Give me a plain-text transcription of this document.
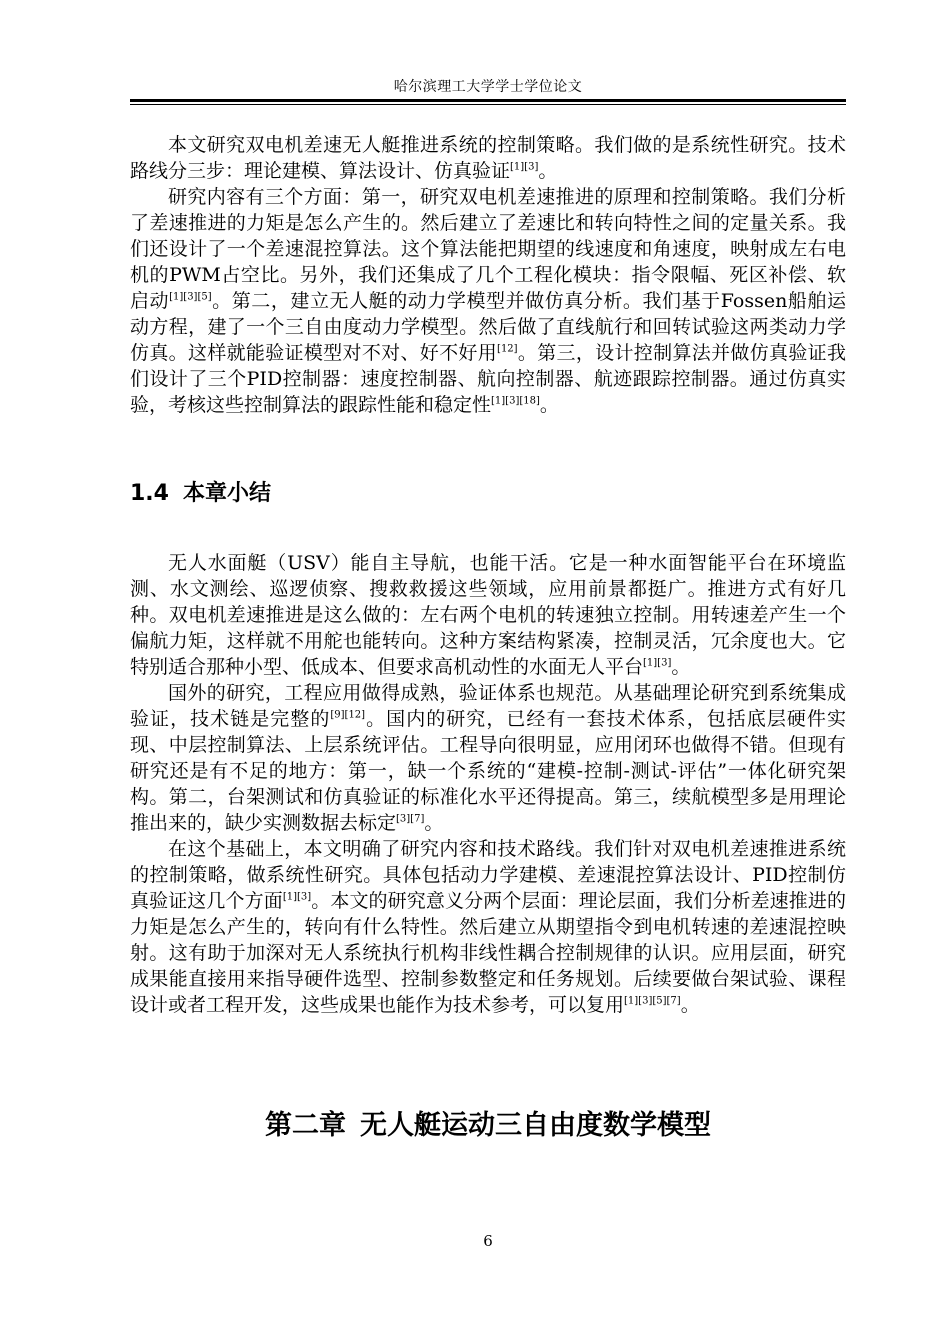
哈尔滨理工大学学士学位论文

本文研究双电机差速无人艇推进系统的控制策略。我们做的是系统性研究。技术路线分三步：理论建模、算法设计、仿真验证[1][3]。

研究内容有三个方面：第一，研究双电机差速推进的原理和控制策略。我们分析了差速推进的力矩是怎么产生的。然后建立了差速比和转向特性之间的定量关系。我们还设计了一个差速混控算法。这个算法能把期望的线速度和角速度，映射成左右电机的PWM占空比。另外，我们还集成了几个工程化模块：指令限幅、死区补偿、软启动[1][3][5]。第二，建立无人艇的动力学模型并做仿真分析。我们基于Fossen船舶运动方程，建了一个三自由度动力学模型。然后做了直线航行和回转试验这两类动力学仿真。这样就能验证模型对不对、好不好用[12]。第三，设计控制算法并做仿真验证我们设计了三个PID控制器：速度控制器、航向控制器、航迹跟踪控制器。通过仿真实验，考核这些控制算法的跟踪性能和稳定性[1][3][18]。

1.4 本章小结

无人水面艇（USV）能自主导航，也能干活。它是一种水面智能平台在环境监测、水文测绘、巡逻侦察、搜救救援这些领域，应用前景都挺广。推进方式有好几种。双电机差速推进是这么做的：左右两个电机的转速独立控制。用转速差产生一个偏航力矩，这样就不用舵也能转向。这种方案结构紧凑，控制灵活，冗余度也大。它特别适合那种小型、低成本、但要求高机动性的水面无人平台[1][3]。

国外的研究，工程应用做得成熟，验证体系也规范。从基础理论研究到系统集成验证，技术链是完整的[9][12]。国内的研究，已经有一套技术体系，包括底层硬件实现、中层控制算法、上层系统评估。工程导向很明显，应用闭环也做得不错。但现有研究还是有不足的地方：第一，缺一个系统的“建模-控制-测试-评估”一体化研究架构。第二，台架测试和仿真验证的标准化水平还得提高。第三，续航模型多是用理论推出来的，缺少实测数据去标定[3][7]。

在这个基础上，本文明确了研究内容和技术路线。我们针对双电机差速推进系统的控制策略，做系统性研究。具体包括动力学建模、差速混控算法设计、PID控制仿真验证这几个方面[1][3]。本文的研究意义分两个层面：理论层面，我们分析差速推进的力矩是怎么产生的，转向有什么特性。然后建立从期望指令到电机转速的差速混控映射。这有助于加深对无人系统执行机构非线性耦合控制规律的认识。应用层面，研究成果能直接用来指导硬件选型、控制参数整定和任务规划。后续要做台架试验、课程设计或者工程开发，这些成果也能作为技术参考，可以复用[1][3][5][7]。

第二章 无人艇运动三自由度数学模型
6
